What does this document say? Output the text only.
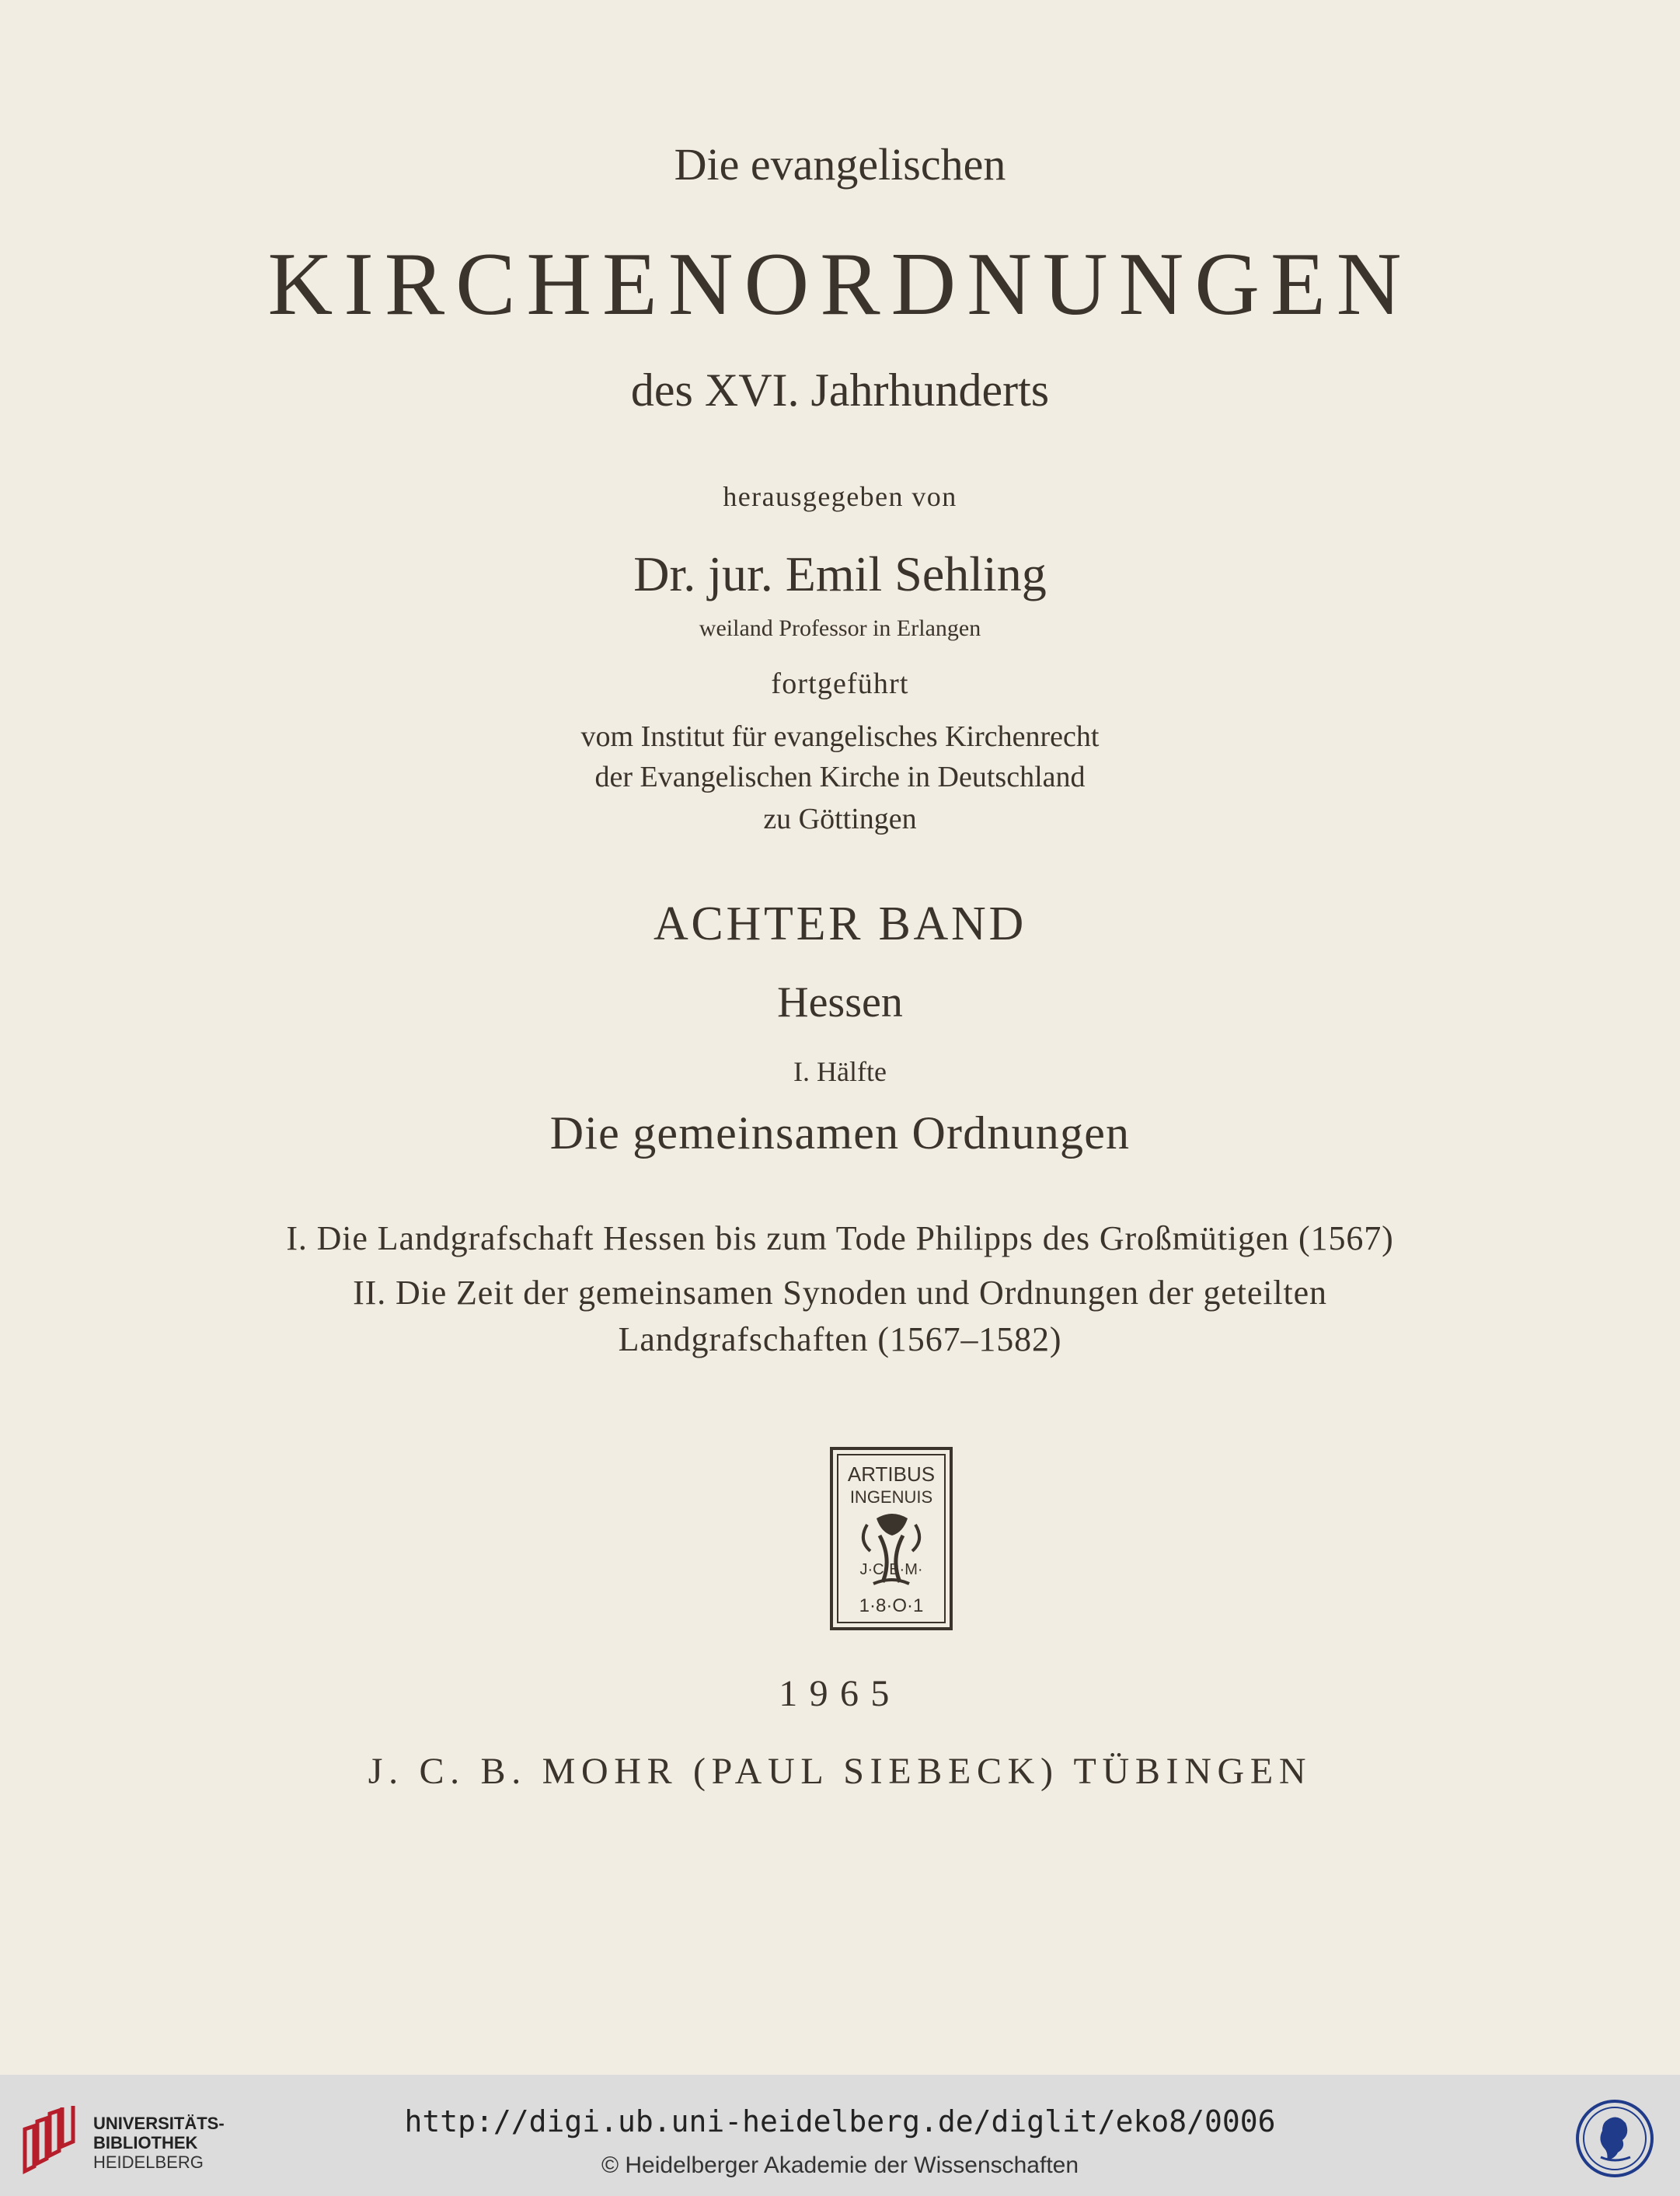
Die evangelischen

KIRCHENORDNUNGEN

des XVI. Jahrhunderts

herausgegeben von

Dr. jur. Emil Sehling

weiland Professor in Erlangen

fortgeführt

vom Institut für evangelisches Kirchenrecht

der Evangelischen Kirche in Deutschland

zu Göttingen

ACHTER BAND

Hessen

I. Hälfte

Die gemeinsamen Ordnungen

I. Die Landgrafschaft Hessen bis zum Tode Philipps des Großmütigen (1567)

II. Die Zeit der gemeinsamen Synoden und Ordnungen der geteilten

Landgrafschaften (1567–1582)

ARTIBUS
INGENUIS
J·C·B·M·
1·8·O·1

1965

J. C. B. MOHR (PAUL SIEBECK) TÜBINGEN

UNIVERSITÄTS-
BIBLIOTHEK
HEIDELBERG
http://digi.ub.uni-heidelberg.de/diglit/eko8/0006
© Heidelberger Akademie der Wissenschaften
